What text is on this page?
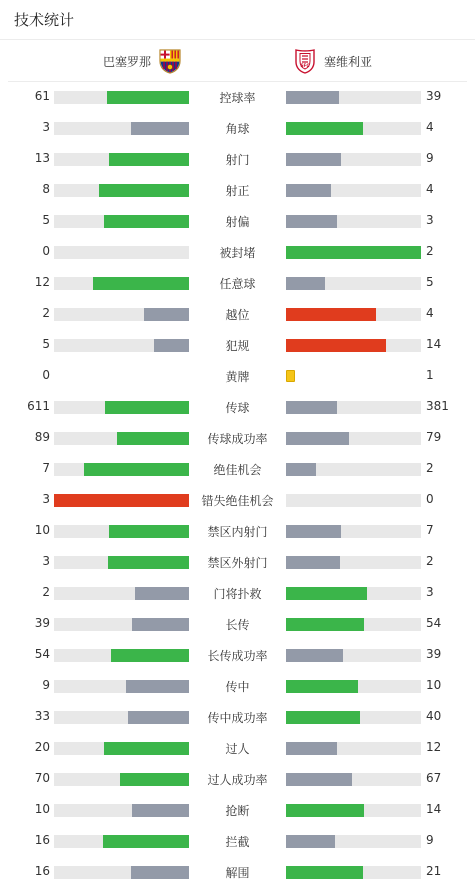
技术统计
巴塞罗那	SFC 塞维利亚
61	控球率	39
3	角球	4
13	射门	9
8	射正	4
5	射偏	3
0	被封堵	2
12	任意球	5
2	越位	4
5	犯规	14
0	黄牌	1
611	传球	381
89	传球成功率	79
7	绝佳机会	2
3	错失绝佳机会	0
10	禁区内射门	7
3	禁区外射门	2
2	门将扑救	3
39	长传	54
54	长传成功率	39
9	传中	10
33	传中成功率	40
20	过人	12
70	过人成功率	67
10	抢断	14
16	拦截	9
16	解围	21
